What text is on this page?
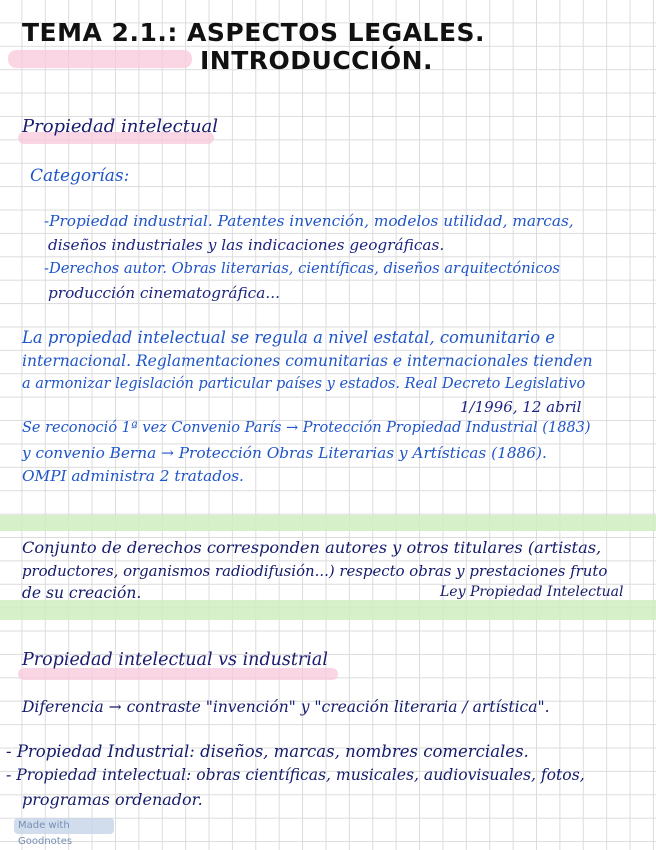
TEMA 2.1.: ASPECTOS LEGALES.
INTRODUCCIÓN.
Propiedad intelectual
Categorías:
-Propiedad industrial. Patentes invención, modelos utilidad, marcas,
diseños industriales y las indicaciones geográficas.
-Derechos autor. Obras literarias, científicas, diseños arquitectónicos
producción cinematográfica...
La propiedad intelectual se regula a nivel estatal, comunitario e
internacional. Reglamentaciones comunitarias e internacionales tienden
a armonizar legislación particular países y estados. Real Decreto Legislativo
1/1996, 12 abril
Se reconoció 1ª vez Convenio París → Protección Propiedad Industrial (1883)
y convenio Berna → Protección Obras Literarias y Artísticas (1886).
OMPI administra 2 tratados.
Conjunto de derechos corresponden autores y otros titulares (artistas,
productores, organismos radiodifusión...) respecto obras y prestaciones fruto
de su creación.	Ley Propiedad Intelectual
Propiedad intelectual vs industrial
Diferencia → contraste "invención" y "creación literaria / artística".
- Propiedad Industrial: diseños, marcas, nombres comerciales.
- Propiedad intelectual: obras científicas, musicales, audiovisuales, fotos,
programas ordenador.
Made with Goodnotes
